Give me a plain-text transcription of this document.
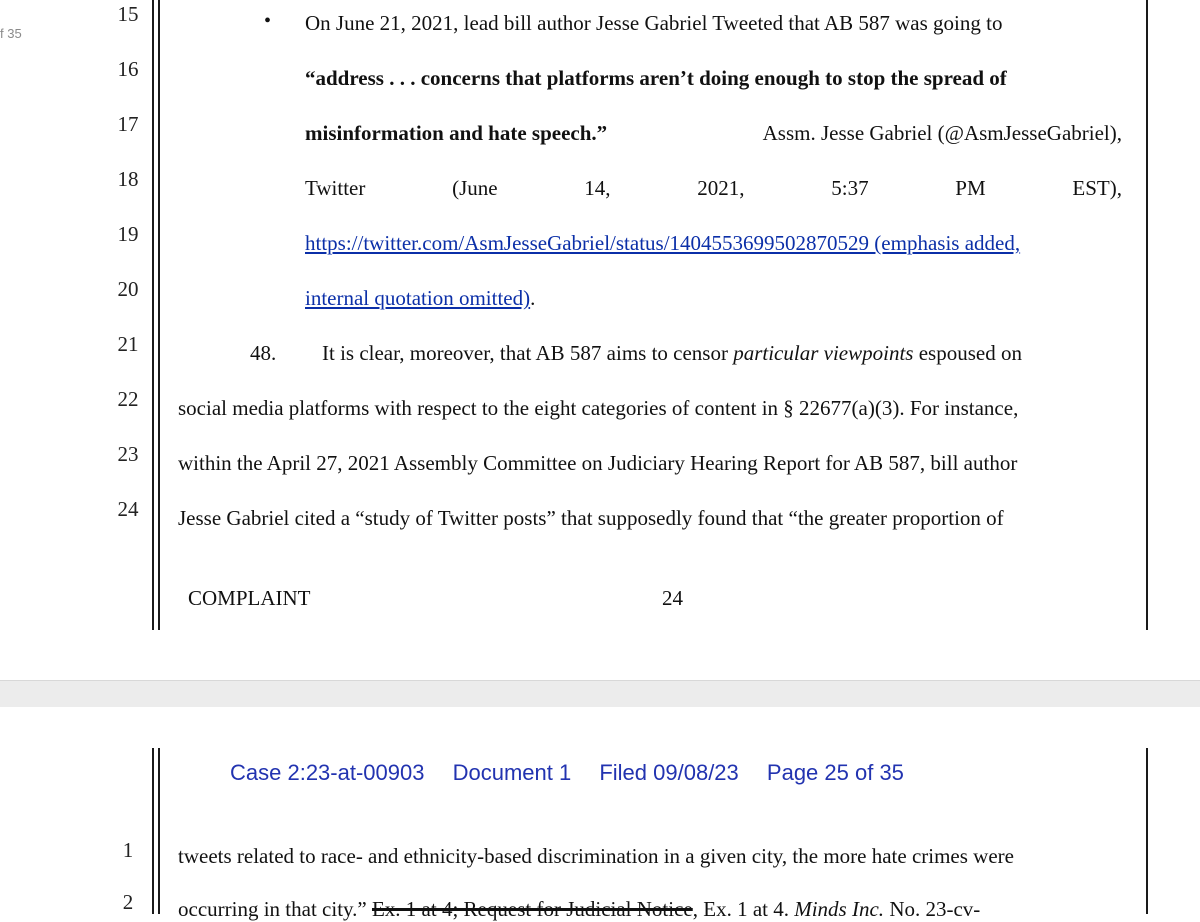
f 35
15
16
17
18
19
20
21
22
23
24
• On June 21, 2021, lead bill author Jesse Gabriel Tweeted that AB 587 was going to
“address . . . concerns that platforms aren’t doing enough to stop the spread of
misinformation and hate speech.”	Assm. Jesse Gabriel (@AsmJesseGabriel),
Twitter	(June	14,	2021,	5:37	PM	EST),
https://twitter.com/AsmJesseGabriel/status/1404553699502870529 (emphasis added,
internal quotation omitted).
48. It is clear, moreover, that AB 587 aims to censor particular viewpoints espoused on
social media platforms with respect to the eight categories of content in § 22677(a)(3). For instance,
within the April 27, 2021 Assembly Committee on Judiciary Hearing Report for AB 587, bill author
Jesse Gabriel cited a “study of Twitter posts” that supposedly found that “the greater proportion of
COMPLAINT	24
Case 2:23-at-00903 Document 1 Filed 09/08/23 Page 25 of 35
1
2
tweets related to race- and ethnicity-based discrimination in a given city, the more hate crimes were
occurring in that city.” Ex. 1 at 4; Request for Judicial Notice, Ex. 1 at 4. Minds Inc. No. 23-cv-
